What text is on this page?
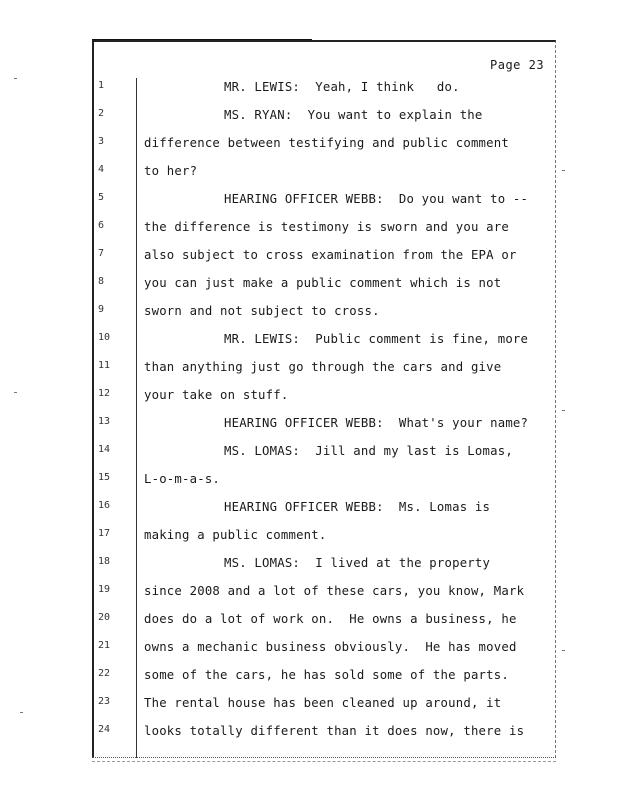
Page 23
1	MR. LEWIS:  Yeah, I think   do.
2	MS. RYAN:  You want to explain the
3	difference between testifying and public comment
4	to her?
5	HEARING OFFICER WEBB:  Do you want to --
6	the difference is testimony is sworn and you are
7	also subject to cross examination from the EPA or
8	you can just make a public comment which is not
9	sworn and not subject to cross.
10	MR. LEWIS:  Public comment is fine, more
11	than anything just go through the cars and give
12	your take on stuff.
13	HEARING OFFICER WEBB:  What's your name?
14	MS. LOMAS:  Jill and my last is Lomas,
15	L-o-m-a-s.
16	HEARING OFFICER WEBB:  Ms. Lomas is
17	making a public comment.
18	MS. LOMAS:  I lived at the property
19	since 2008 and a lot of these cars, you know, Mark
20	does do a lot of work on.  He owns a business, he
21	owns a mechanic business obviously.  He has moved
22	some of the cars, he has sold some of the parts.
23	The rental house has been cleaned up around, it
24	looks totally different than it does now, there is
